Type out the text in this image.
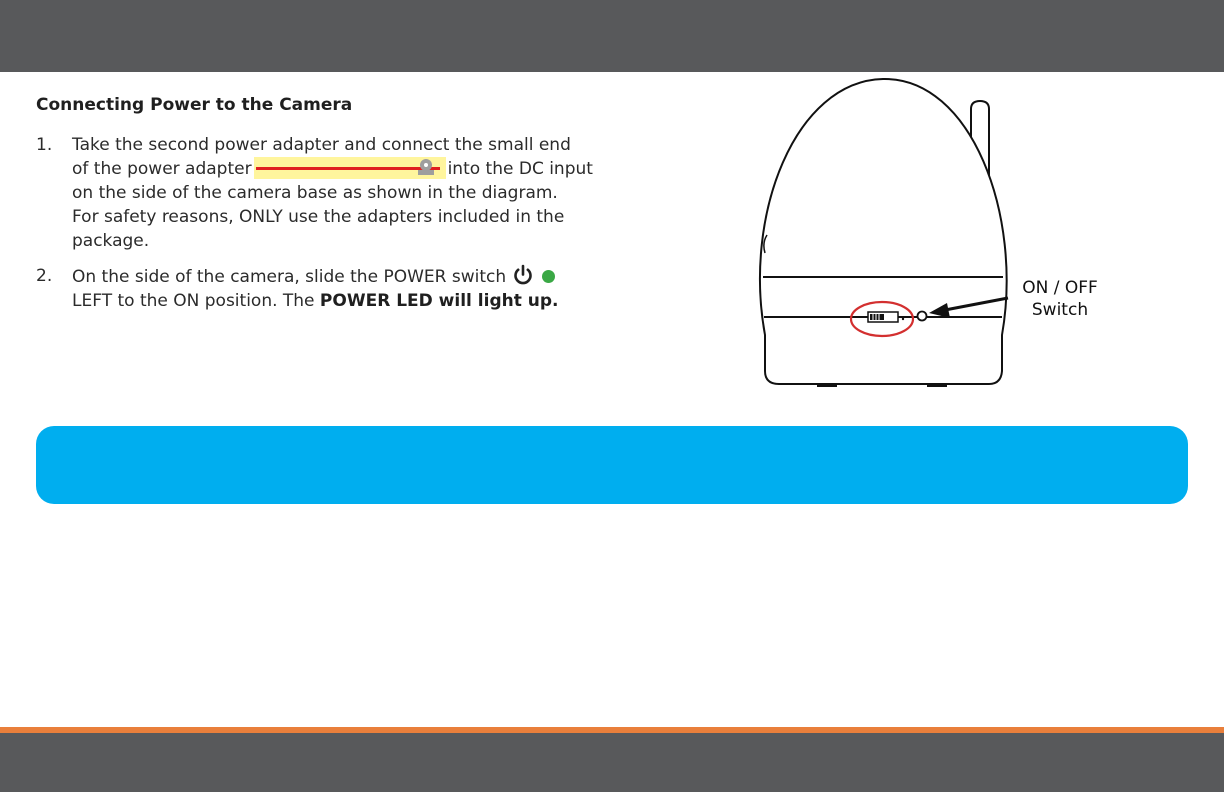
Connecting Power to the Camera
1. Take the second power adapter and connect the small end
of the power adapter	into the DC input
on the side of the camera base as shown in the diagram.
For safety reasons, ONLY use the adapters included in the
package.
2. On the side of the camera, slide the POWER switch
LEFT to the ON position. The POWER LED will light up.
ON / OFF
Switch
